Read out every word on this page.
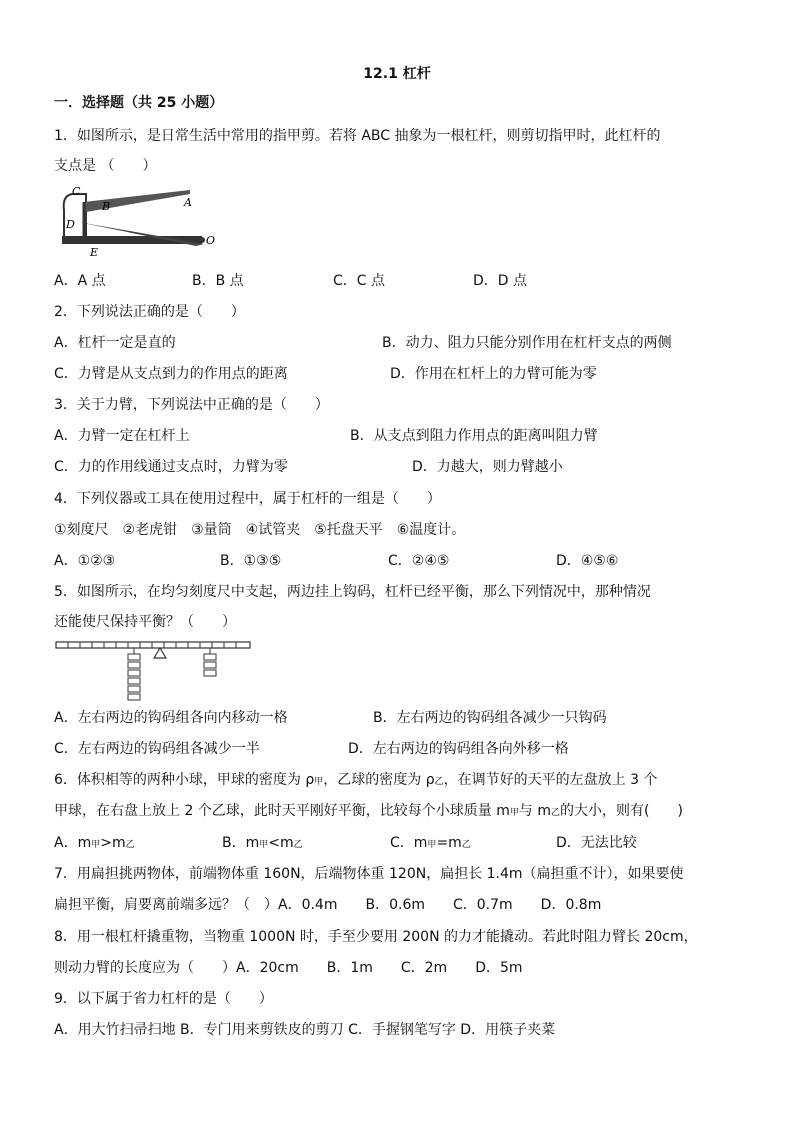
12.1 杠杆
一．选择题（共 25 小题）
1．如图所示，是日常生活中常用的指甲剪。若将 ABC 抽象为一根杠杆，则剪切指甲时，此杠杆的
支点是 （　　）
C
B	A
D
E
O
A．A 点	B．B 点	C．C 点	D．D 点
2．下列说法正确的是（　　）
A．杠杆一定是直的	B．动力、阻力只能分别作用在杠杆支点的两侧
C．力臂是从支点到力的作用点的距离	D．作用在杠杆上的力臂可能为零
3．关于力臂，下列说法中正确的是（　　）
A．力臂一定在杠杆上	B．从支点到阻力作用点的距离叫阻力臂
C．力的作用线通过支点时，力臂为零	D．力越大，则力臂越小
4．下列仪器或工具在使用过程中，属于杠杆的一组是（　　）
①刻度尺　②老虎钳　③量筒　④试管夹　⑤托盘天平　⑥温度计。
A．①②③	B．①③⑤	C．②④⑤	D．④⑤⑥
5．如图所示，在均匀刻度尺中支起，两边挂上钩码，杠杆已经平衡，那么下列情况中，那种情况
还能使尺保持平衡？（　　）
A．左右两边的钩码组各向内移动一格	B．左右两边的钩码组各减少一只钩码
C．左右两边的钩码组各减少一半	D．左右两边的钩码组各向外移一格
6．体积相等的两种小球，甲球的密度为 ρ甲，乙球的密度为 ρ乙，在调节好的天平的左盘放上 3 个
甲球，在右盘上放上 2 个乙球，此时天平刚好平衡，比较每个小球质量 m甲与 m乙的大小，则有(　　)
A．m甲>m乙	B．m甲<m乙	C．m甲=m乙	D．无法比较
7．用扁担挑两物体，前端物体重 160N，后端物体重 120N，扁担长 1.4m（扁担重不计），如果要使
扁担平衡，肩要离前端多远？（　）A．0.4m　　B．0.6m　　C．0.7m　　D．0.8m
8．用一根杠杆撬重物，当物重 1000N 时，手至少要用 200N 的力才能撬动。若此时阻力臂长 20cm，
则动力臂的长度应为（　　）A．20cm　　B．1m　　C．2m　　D．5m
9．以下属于省力杠杆的是（　　）
A．用大竹扫帚扫地 B．专门用来剪铁皮的剪刀 C．手握钢笔写字 D．用筷子夹菜
